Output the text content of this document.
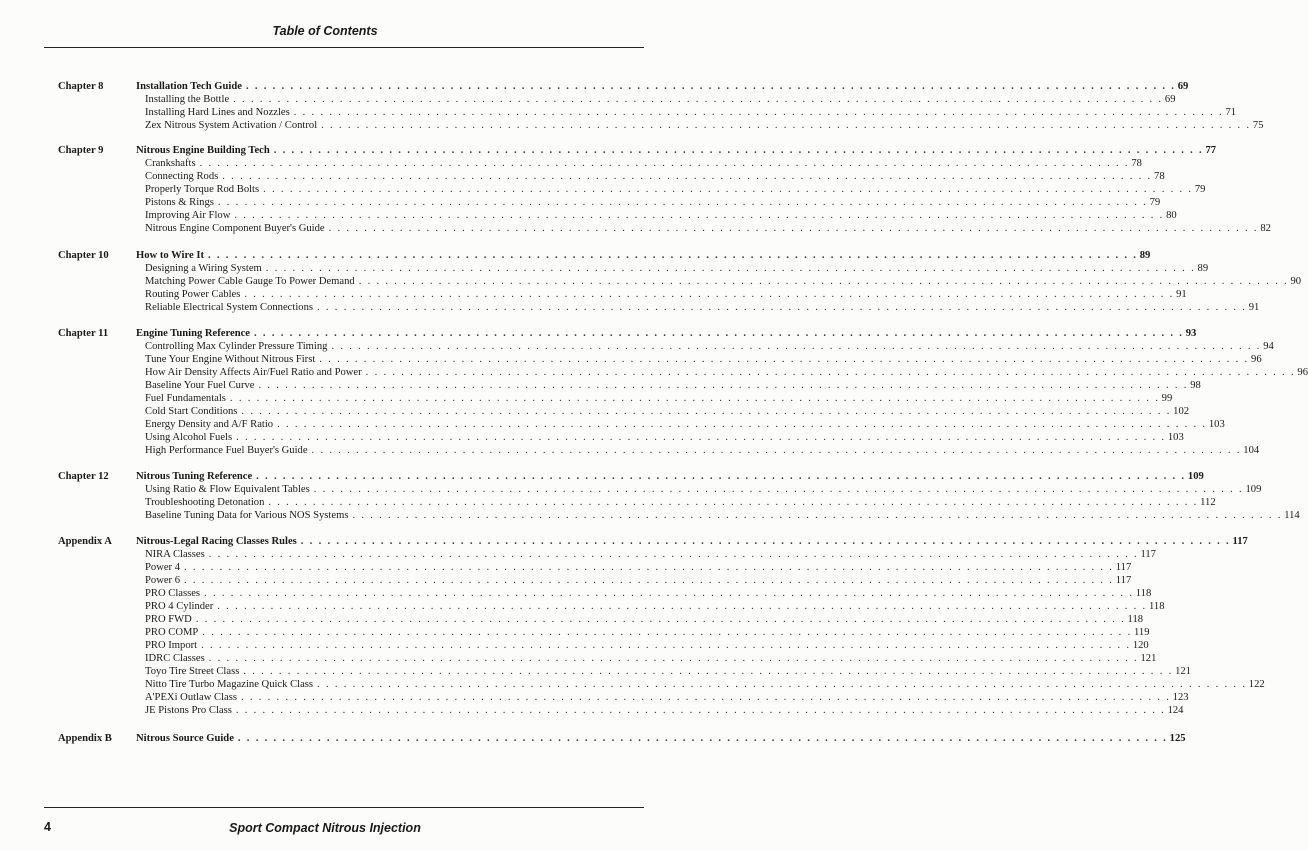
Table of Contents
Chapter 8	Installation Tech Guide . . . . . . . . . . . . . . . . . . . . . . . . . . . . . . . . . . . . . . . . . . . . . . . . . . . . . . . . . . . . . . . . . . . . . . . . . . . . . . . . . . . . . . . . . . . . . . . . . . . . . . . . . 69
Installing the Bottle . . . . . . . . . . . . . . . . . . . . . . . . . . . . . . . . . . . . . . . . . . . . . . . . . . . . . . . . . . . . . . . . . . . . . . . . . . . . . . . . . . . . . . . . . . . . . . . . . . . . . . . . . 69
Installing Hard Lines and Nozzles . . . . . . . . . . . . . . . . . . . . . . . . . . . . . . . . . . . . . . . . . . . . . . . . . . . . . . . . . . . . . . . . . . . . . . . . . . . . . . . . . . . . . . . . . . . . . . . . . . . . . . . . . 71
Zex Nitrous System Activation / Control . . . . . . . . . . . . . . . . . . . . . . . . . . . . . . . . . . . . . . . . . . . . . . . . . . . . . . . . . . . . . . . . . . . . . . . . . . . . . . . . . . . . . . . . . . . . . . . . . . . . . . . . . 75
Chapter 9	Nitrous Engine Building Tech . . . . . . . . . . . . . . . . . . . . . . . . . . . . . . . . . . . . . . . . . . . . . . . . . . . . . . . . . . . . . . . . . . . . . . . . . . . . . . . . . . . . . . . . . . . . . . . . . . . . . . . . . 77
Crankshafts . . . . . . . . . . . . . . . . . . . . . . . . . . . . . . . . . . . . . . . . . . . . . . . . . . . . . . . . . . . . . . . . . . . . . . . . . . . . . . . . . . . . . . . . . . . . . . . . . . . . . . . . . 78
Connecting Rods . . . . . . . . . . . . . . . . . . . . . . . . . . . . . . . . . . . . . . . . . . . . . . . . . . . . . . . . . . . . . . . . . . . . . . . . . . . . . . . . . . . . . . . . . . . . . . . . . . . . . . . . . 78
Properly Torque Rod Bolts . . . . . . . . . . . . . . . . . . . . . . . . . . . . . . . . . . . . . . . . . . . . . . . . . . . . . . . . . . . . . . . . . . . . . . . . . . . . . . . . . . . . . . . . . . . . . . . . . . . . . . . . . 79
Pistons & Rings . . . . . . . . . . . . . . . . . . . . . . . . . . . . . . . . . . . . . . . . . . . . . . . . . . . . . . . . . . . . . . . . . . . . . . . . . . . . . . . . . . . . . . . . . . . . . . . . . . . . . . . . . 79
Improving Air Flow . . . . . . . . . . . . . . . . . . . . . . . . . . . . . . . . . . . . . . . . . . . . . . . . . . . . . . . . . . . . . . . . . . . . . . . . . . . . . . . . . . . . . . . . . . . . . . . . . . . . . . . . . 80
Nitrous Engine Component Buyer's Guide . . . . . . . . . . . . . . . . . . . . . . . . . . . . . . . . . . . . . . . . . . . . . . . . . . . . . . . . . . . . . . . . . . . . . . . . . . . . . . . . . . . . . . . . . . . . . . . . . . . . . . . . . 82
Chapter 10	How to Wire It . . . . . . . . . . . . . . . . . . . . . . . . . . . . . . . . . . . . . . . . . . . . . . . . . . . . . . . . . . . . . . . . . . . . . . . . . . . . . . . . . . . . . . . . . . . . . . . . . . . . . . . . . 89
Designing a Wiring System . . . . . . . . . . . . . . . . . . . . . . . . . . . . . . . . . . . . . . . . . . . . . . . . . . . . . . . . . . . . . . . . . . . . . . . . . . . . . . . . . . . . . . . . . . . . . . . . . . . . . . . . . 89
Matching Power Cable Gauge To Power Demand . . . . . . . . . . . . . . . . . . . . . . . . . . . . . . . . . . . . . . . . . . . . . . . . . . . . . . . . . . . . . . . . . . . . . . . . . . . . . . . . . . . . . . . . . . . . . . . . . . . . . . . . . 90
Routing Power Cables . . . . . . . . . . . . . . . . . . . . . . . . . . . . . . . . . . . . . . . . . . . . . . . . . . . . . . . . . . . . . . . . . . . . . . . . . . . . . . . . . . . . . . . . . . . . . . . . . . . . . . . . . 91
Reliable Electrical System Connections . . . . . . . . . . . . . . . . . . . . . . . . . . . . . . . . . . . . . . . . . . . . . . . . . . . . . . . . . . . . . . . . . . . . . . . . . . . . . . . . . . . . . . . . . . . . . . . . . . . . . . . . . 91
Chapter 11	Engine Tuning Reference . . . . . . . . . . . . . . . . . . . . . . . . . . . . . . . . . . . . . . . . . . . . . . . . . . . . . . . . . . . . . . . . . . . . . . . . . . . . . . . . . . . . . . . . . . . . . . . . . . . . . . . . . 93
Controlling Max Cylinder Pressure Timing . . . . . . . . . . . . . . . . . . . . . . . . . . . . . . . . . . . . . . . . . . . . . . . . . . . . . . . . . . . . . . . . . . . . . . . . . . . . . . . . . . . . . . . . . . . . . . . . . . . . . . . . . 94
Tune Your Engine Without Nitrous First . . . . . . . . . . . . . . . . . . . . . . . . . . . . . . . . . . . . . . . . . . . . . . . . . . . . . . . . . . . . . . . . . . . . . . . . . . . . . . . . . . . . . . . . . . . . . . . . . . . . . . . . . 96
How Air Density Affects Air/Fuel Ratio and Power . . . . . . . . . . . . . . . . . . . . . . . . . . . . . . . . . . . . . . . . . . . . . . . . . . . . . . . . . . . . . . . . . . . . . . . . . . . . . . . . . . . . . . . . . . . . . . . . . . . . . . . . . 96
Baseline Your Fuel Curve . . . . . . . . . . . . . . . . . . . . . . . . . . . . . . . . . . . . . . . . . . . . . . . . . . . . . . . . . . . . . . . . . . . . . . . . . . . . . . . . . . . . . . . . . . . . . . . . . . . . . . . . . 98
Fuel Fundamentals . . . . . . . . . . . . . . . . . . . . . . . . . . . . . . . . . . . . . . . . . . . . . . . . . . . . . . . . . . . . . . . . . . . . . . . . . . . . . . . . . . . . . . . . . . . . . . . . . . . . . . . . . 99
Cold Start Conditions . . . . . . . . . . . . . . . . . . . . . . . . . . . . . . . . . . . . . . . . . . . . . . . . . . . . . . . . . . . . . . . . . . . . . . . . . . . . . . . . . . . . . . . . . . . . . . . . . . . . . . . . . 102
Energy Density and A/F Ratio . . . . . . . . . . . . . . . . . . . . . . . . . . . . . . . . . . . . . . . . . . . . . . . . . . . . . . . . . . . . . . . . . . . . . . . . . . . . . . . . . . . . . . . . . . . . . . . . . . . . . . . . . 103
Using Alcohol Fuels . . . . . . . . . . . . . . . . . . . . . . . . . . . . . . . . . . . . . . . . . . . . . . . . . . . . . . . . . . . . . . . . . . . . . . . . . . . . . . . . . . . . . . . . . . . . . . . . . . . . . . . . . 103
High Performance Fuel Buyer's Guide . . . . . . . . . . . . . . . . . . . . . . . . . . . . . . . . . . . . . . . . . . . . . . . . . . . . . . . . . . . . . . . . . . . . . . . . . . . . . . . . . . . . . . . . . . . . . . . . . . . . . . . . . 104
Chapter 12	Nitrous Tuning Reference . . . . . . . . . . . . . . . . . . . . . . . . . . . . . . . . . . . . . . . . . . . . . . . . . . . . . . . . . . . . . . . . . . . . . . . . . . . . . . . . . . . . . . . . . . . . . . . . . . . . . . . . . 109
Using Ratio & Flow Equivalent Tables . . . . . . . . . . . . . . . . . . . . . . . . . . . . . . . . . . . . . . . . . . . . . . . . . . . . . . . . . . . . . . . . . . . . . . . . . . . . . . . . . . . . . . . . . . . . . . . . . . . . . . . . . 109
Troubleshooting Detonation . . . . . . . . . . . . . . . . . . . . . . . . . . . . . . . . . . . . . . . . . . . . . . . . . . . . . . . . . . . . . . . . . . . . . . . . . . . . . . . . . . . . . . . . . . . . . . . . . . . . . . . . . 112
Baseline Tuning Data for Various NOS Systems . . . . . . . . . . . . . . . . . . . . . . . . . . . . . . . . . . . . . . . . . . . . . . . . . . . . . . . . . . . . . . . . . . . . . . . . . . . . . . . . . . . . . . . . . . . . . . . . . . . . . . . . . 114
Appendix A Nitrous-Legal Racing Classes Rules . . . . . . . . . . . . . . . . . . . . . . . . . . . . . . . . . . . . . . . . . . . . . . . . . . . . . . . . . . . . . . . . . . . . . . . . . . . . . . . . . . . . . . . . . . . . . . . . . . . . . . . . . 117
NIRA Classes . . . . . . . . . . . . . . . . . . . . . . . . . . . . . . . . . . . . . . . . . . . . . . . . . . . . . . . . . . . . . . . . . . . . . . . . . . . . . . . . . . . . . . . . . . . . . . . . . . . . . . . . . 117
Power 4 . . . . . . . . . . . . . . . . . . . . . . . . . . . . . . . . . . . . . . . . . . . . . . . . . . . . . . . . . . . . . . . . . . . . . . . . . . . . . . . . . . . . . . . . . . . . . . . . . . . . . . . . . 117
Power 6 . . . . . . . . . . . . . . . . . . . . . . . . . . . . . . . . . . . . . . . . . . . . . . . . . . . . . . . . . . . . . . . . . . . . . . . . . . . . . . . . . . . . . . . . . . . . . . . . . . . . . . . . . 117
PRO Classes . . . . . . . . . . . . . . . . . . . . . . . . . . . . . . . . . . . . . . . . . . . . . . . . . . . . . . . . . . . . . . . . . . . . . . . . . . . . . . . . . . . . . . . . . . . . . . . . . . . . . . . . . 118
PRO 4 Cylinder . . . . . . . . . . . . . . . . . . . . . . . . . . . . . . . . . . . . . . . . . . . . . . . . . . . . . . . . . . . . . . . . . . . . . . . . . . . . . . . . . . . . . . . . . . . . . . . . . . . . . . . . . 118
PRO FWD . . . . . . . . . . . . . . . . . . . . . . . . . . . . . . . . . . . . . . . . . . . . . . . . . . . . . . . . . . . . . . . . . . . . . . . . . . . . . . . . . . . . . . . . . . . . . . . . . . . . . . . . . 118
PRO COMP . . . . . . . . . . . . . . . . . . . . . . . . . . . . . . . . . . . . . . . . . . . . . . . . . . . . . . . . . . . . . . . . . . . . . . . . . . . . . . . . . . . . . . . . . . . . . . . . . . . . . . . . . 119
PRO Import . . . . . . . . . . . . . . . . . . . . . . . . . . . . . . . . . . . . . . . . . . . . . . . . . . . . . . . . . . . . . . . . . . . . . . . . . . . . . . . . . . . . . . . . . . . . . . . . . . . . . . . . . 120
IDRC Classes . . . . . . . . . . . . . . . . . . . . . . . . . . . . . . . . . . . . . . . . . . . . . . . . . . . . . . . . . . . . . . . . . . . . . . . . . . . . . . . . . . . . . . . . . . . . . . . . . . . . . . . . . 121
Toyo Tire Street Class . . . . . . . . . . . . . . . . . . . . . . . . . . . . . . . . . . . . . . . . . . . . . . . . . . . . . . . . . . . . . . . . . . . . . . . . . . . . . . . . . . . . . . . . . . . . . . . . . . . . . . . . . 121
Nitto Tire Turbo Magazine Quick Class . . . . . . . . . . . . . . . . . . . . . . . . . . . . . . . . . . . . . . . . . . . . . . . . . . . . . . . . . . . . . . . . . . . . . . . . . . . . . . . . . . . . . . . . . . . . . . . . . . . . . . . . . 122
A'PEXi Outlaw Class . . . . . . . . . . . . . . . . . . . . . . . . . . . . . . . . . . . . . . . . . . . . . . . . . . . . . . . . . . . . . . . . . . . . . . . . . . . . . . . . . . . . . . . . . . . . . . . . . . . . . . . . . 123
JE Pistons Pro Class . . . . . . . . . . . . . . . . . . . . . . . . . . . . . . . . . . . . . . . . . . . . . . . . . . . . . . . . . . . . . . . . . . . . . . . . . . . . . . . . . . . . . . . . . . . . . . . . . . . . . . . . . 124
Appendix B Nitrous Source Guide . . . . . . . . . . . . . . . . . . . . . . . . . . . . . . . . . . . . . . . . . . . . . . . . . . . . . . . . . . . . . . . . . . . . . . . . . . . . . . . . . . . . . . . . . . . . . . . . . . . . . . . . . 125
4	Sport Compact Nitrous Injection
